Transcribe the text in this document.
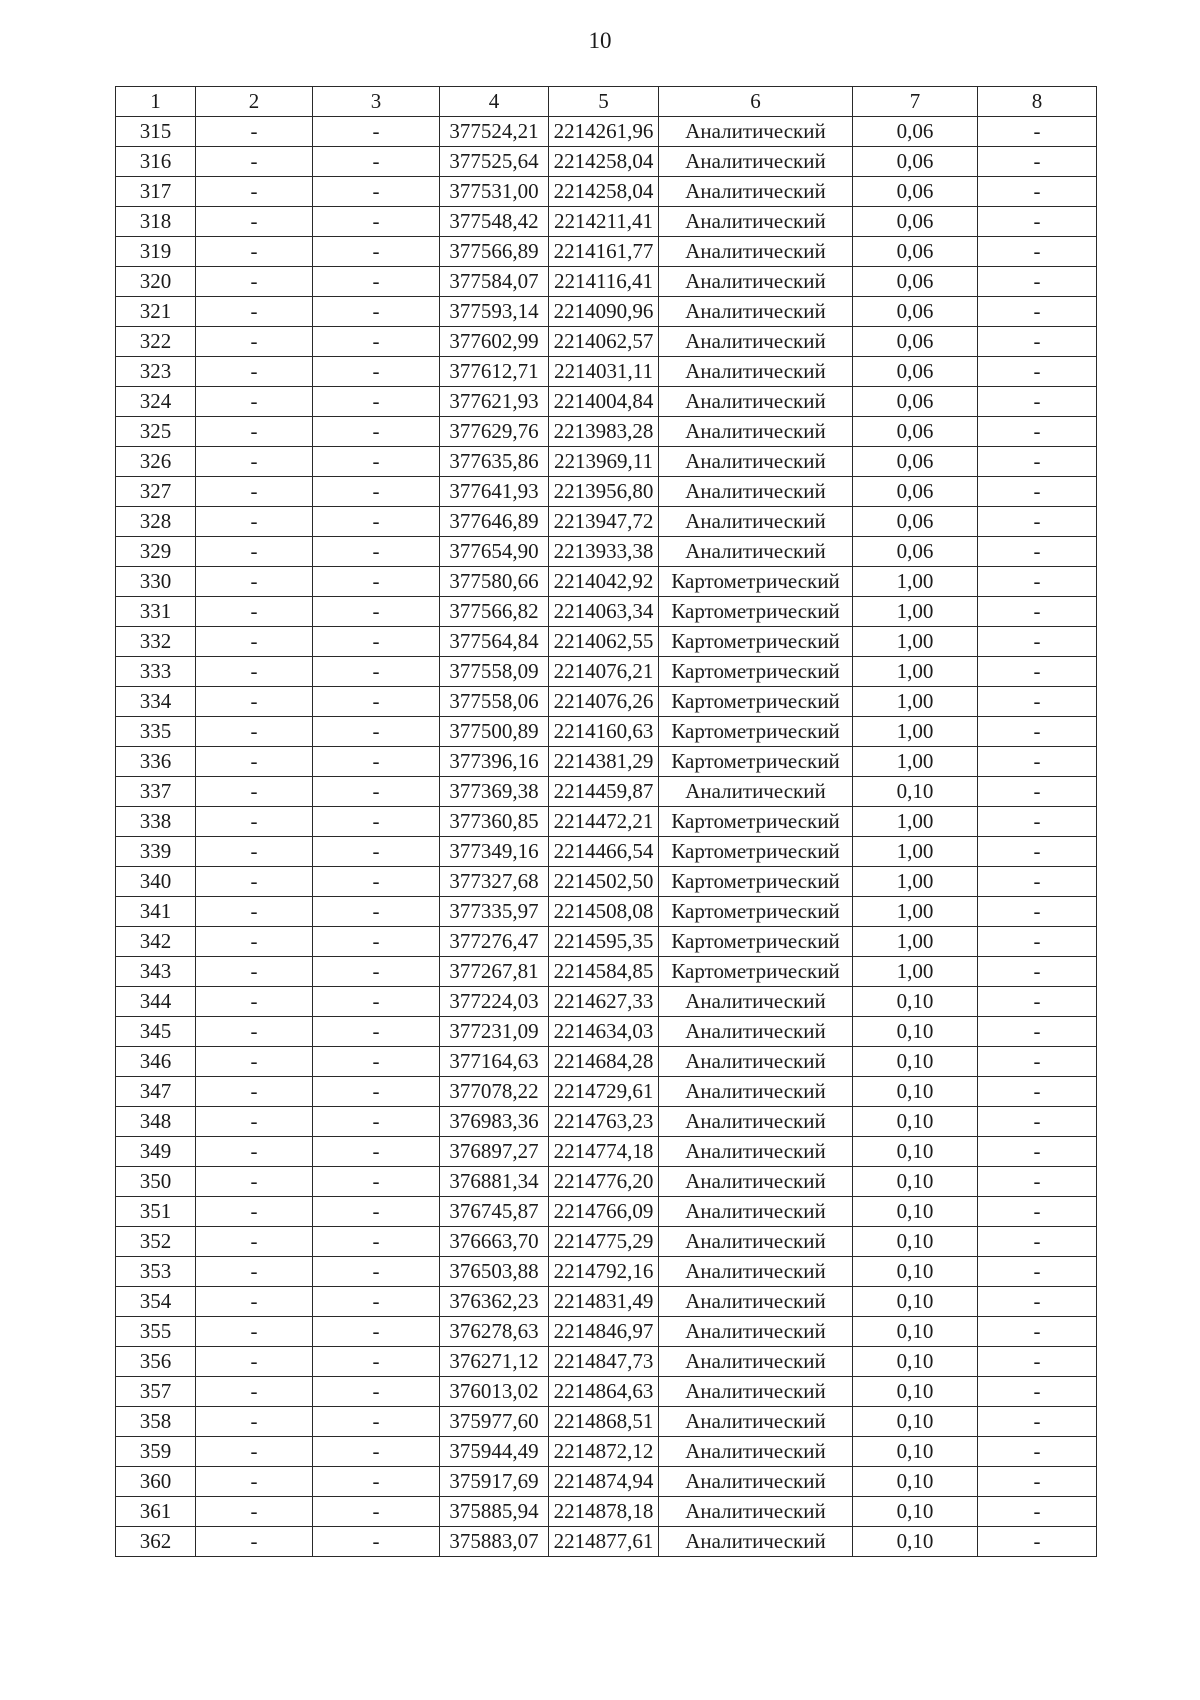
10
1	2	3	4	5	6	7	8
315	-	-	377524,21	2214261,96	Аналитический	0,06	-
316	-	-	377525,64	2214258,04	Аналитический	0,06	-
317	-	-	377531,00	2214258,04	Аналитический	0,06	-
318	-	-	377548,42	2214211,41	Аналитический	0,06	-
319	-	-	377566,89	2214161,77	Аналитический	0,06	-
320	-	-	377584,07	2214116,41	Аналитический	0,06	-
321	-	-	377593,14	2214090,96	Аналитический	0,06	-
322	-	-	377602,99	2214062,57	Аналитический	0,06	-
323	-	-	377612,71	2214031,11	Аналитический	0,06	-
324	-	-	377621,93	2214004,84	Аналитический	0,06	-
325	-	-	377629,76	2213983,28	Аналитический	0,06	-
326	-	-	377635,86	2213969,11	Аналитический	0,06	-
327	-	-	377641,93	2213956,80	Аналитический	0,06	-
328	-	-	377646,89	2213947,72	Аналитический	0,06	-
329	-	-	377654,90	2213933,38	Аналитический	0,06	-
330	-	-	377580,66	2214042,92	Картометрический	1,00	-
331	-	-	377566,82	2214063,34	Картометрический	1,00	-
332	-	-	377564,84	2214062,55	Картометрический	1,00	-
333	-	-	377558,09	2214076,21	Картометрический	1,00	-
334	-	-	377558,06	2214076,26	Картометрический	1,00	-
335	-	-	377500,89	2214160,63	Картометрический	1,00	-
336	-	-	377396,16	2214381,29	Картометрический	1,00	-
337	-	-	377369,38	2214459,87	Аналитический	0,10	-
338	-	-	377360,85	2214472,21	Картометрический	1,00	-
339	-	-	377349,16	2214466,54	Картометрический	1,00	-
340	-	-	377327,68	2214502,50	Картометрический	1,00	-
341	-	-	377335,97	2214508,08	Картометрический	1,00	-
342	-	-	377276,47	2214595,35	Картометрический	1,00	-
343	-	-	377267,81	2214584,85	Картометрический	1,00	-
344	-	-	377224,03	2214627,33	Аналитический	0,10	-
345	-	-	377231,09	2214634,03	Аналитический	0,10	-
346	-	-	377164,63	2214684,28	Аналитический	0,10	-
347	-	-	377078,22	2214729,61	Аналитический	0,10	-
348	-	-	376983,36	2214763,23	Аналитический	0,10	-
349	-	-	376897,27	2214774,18	Аналитический	0,10	-
350	-	-	376881,34	2214776,20	Аналитический	0,10	-
351	-	-	376745,87	2214766,09	Аналитический	0,10	-
352	-	-	376663,70	2214775,29	Аналитический	0,10	-
353	-	-	376503,88	2214792,16	Аналитический	0,10	-
354	-	-	376362,23	2214831,49	Аналитический	0,10	-
355	-	-	376278,63	2214846,97	Аналитический	0,10	-
356	-	-	376271,12	2214847,73	Аналитический	0,10	-
357	-	-	376013,02	2214864,63	Аналитический	0,10	-
358	-	-	375977,60	2214868,51	Аналитический	0,10	-
359	-	-	375944,49	2214872,12	Аналитический	0,10	-
360	-	-	375917,69	2214874,94	Аналитический	0,10	-
361	-	-	375885,94	2214878,18	Аналитический	0,10	-
362	-	-	375883,07	2214877,61	Аналитический	0,10	-
